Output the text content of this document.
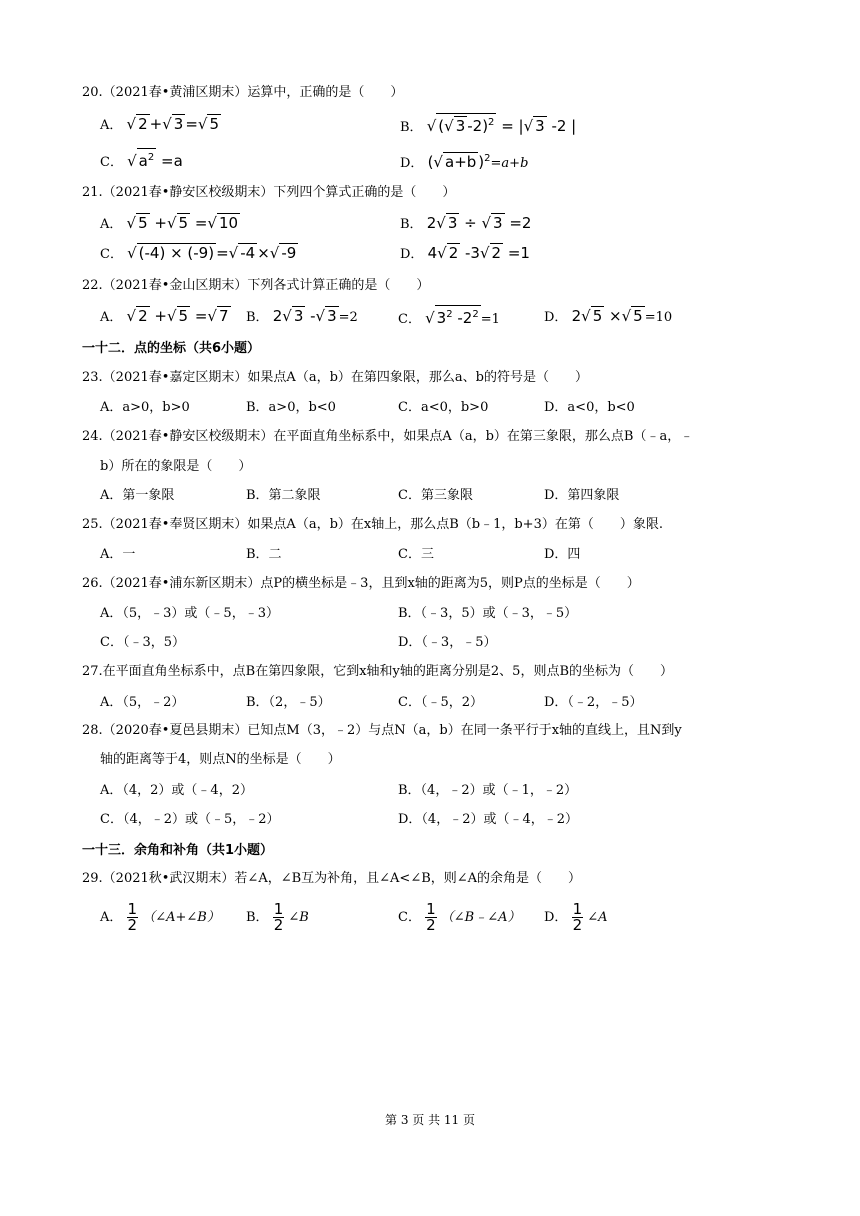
20.（2021春•黄浦区期末）运算中，正确的是（　　）
A． √ 2 +√ 3 =√ 5	B． √ (√ 3 -2)$^2$ = |√ 3 -2 |
C． √ $a^2 =a$	D． (√ a+b )$^2$=a+b
21.（2021春•静安区校级期末）下列四个算式正确的是（　　）
A． √ 5 +√ 5 =√ 10	B． 2√ 3 ÷ √ 3 =2
C． √ (-4) × (-9) =√ -4 ×√ -9	D． 4√ 2 -3√ 2 =1
22.（2021春•金山区期末）下列各式计算正确的是（　　）
A． √ 2 +√ 5 =√ 7 B． 2√ 3 -√ 3 =2	C． √ $3^2$ $-2^2 =1$	D． 2√ 5 ×√ 5 =10
一十二．点的坐标（共6小题）
23.（2021春•嘉定区期末）如果点A（a，b）在第四象限，那么a、b的符号是（　　）
A．a>0，b>0	B．a>0，b<0	C．a<0，b>0	D．a<0，b<0
24.（2021春•静安区校级期末）在平面直角坐标系中，如果点A（a，b）在第三象限，那么点B（﹣a，﹣
b）所在的象限是（　　）
A．第一象限	B．第二象限	C．第三象限	D．第四象限
25.（2021春•奉贤区期末）如果点A（a，b）在x轴上，那么点B（b﹣1，b+3）在第（　　）象限.
A．一	B．二	C．三	D．四
26.（2021春•浦东新区期末）点P的横坐标是﹣3，且到x轴的距离为5，则P点的坐标是（　　）
A．（5，﹣3）或（﹣5，﹣3）	B．（﹣3，5）或（﹣3，﹣5）
C．（﹣3，5）	D．（﹣3，﹣5）
27.在平面直角坐标系中，点B在第四象限，它到x轴和y轴的距离分别是2、5，则点B的坐标为（　　）
A．（5，﹣2）	B．（2，﹣5）	C．（﹣5，2）	D．（﹣2，﹣5）
28.（2020春•夏邑县期末）已知点M（3，﹣2）与点N（a，b）在同一条平行于x轴的直线上，且N到y
轴的距离等于4，则点N的坐标是（　　）
A．（4，2）或（﹣4，2）	B．（4，﹣2）或（﹣1，﹣2）
C．（4，﹣2）或（﹣5，﹣2）	D．（4，﹣2）或（﹣4，﹣2）
一十三．余角和补角（共1小题）
29.（2021秋•武汉期末）若∠A，∠B互为补角，且∠A<∠B，则∠A的余角是（　　）
A． $\frac{1}{2}$ （∠A+∠B） B． $\frac{1}{2}$ ∠B	C． $\frac{1}{2}$ （∠B﹣∠A） D． $\frac{1}{2}$ ∠A
第 3 页 共 11 页
